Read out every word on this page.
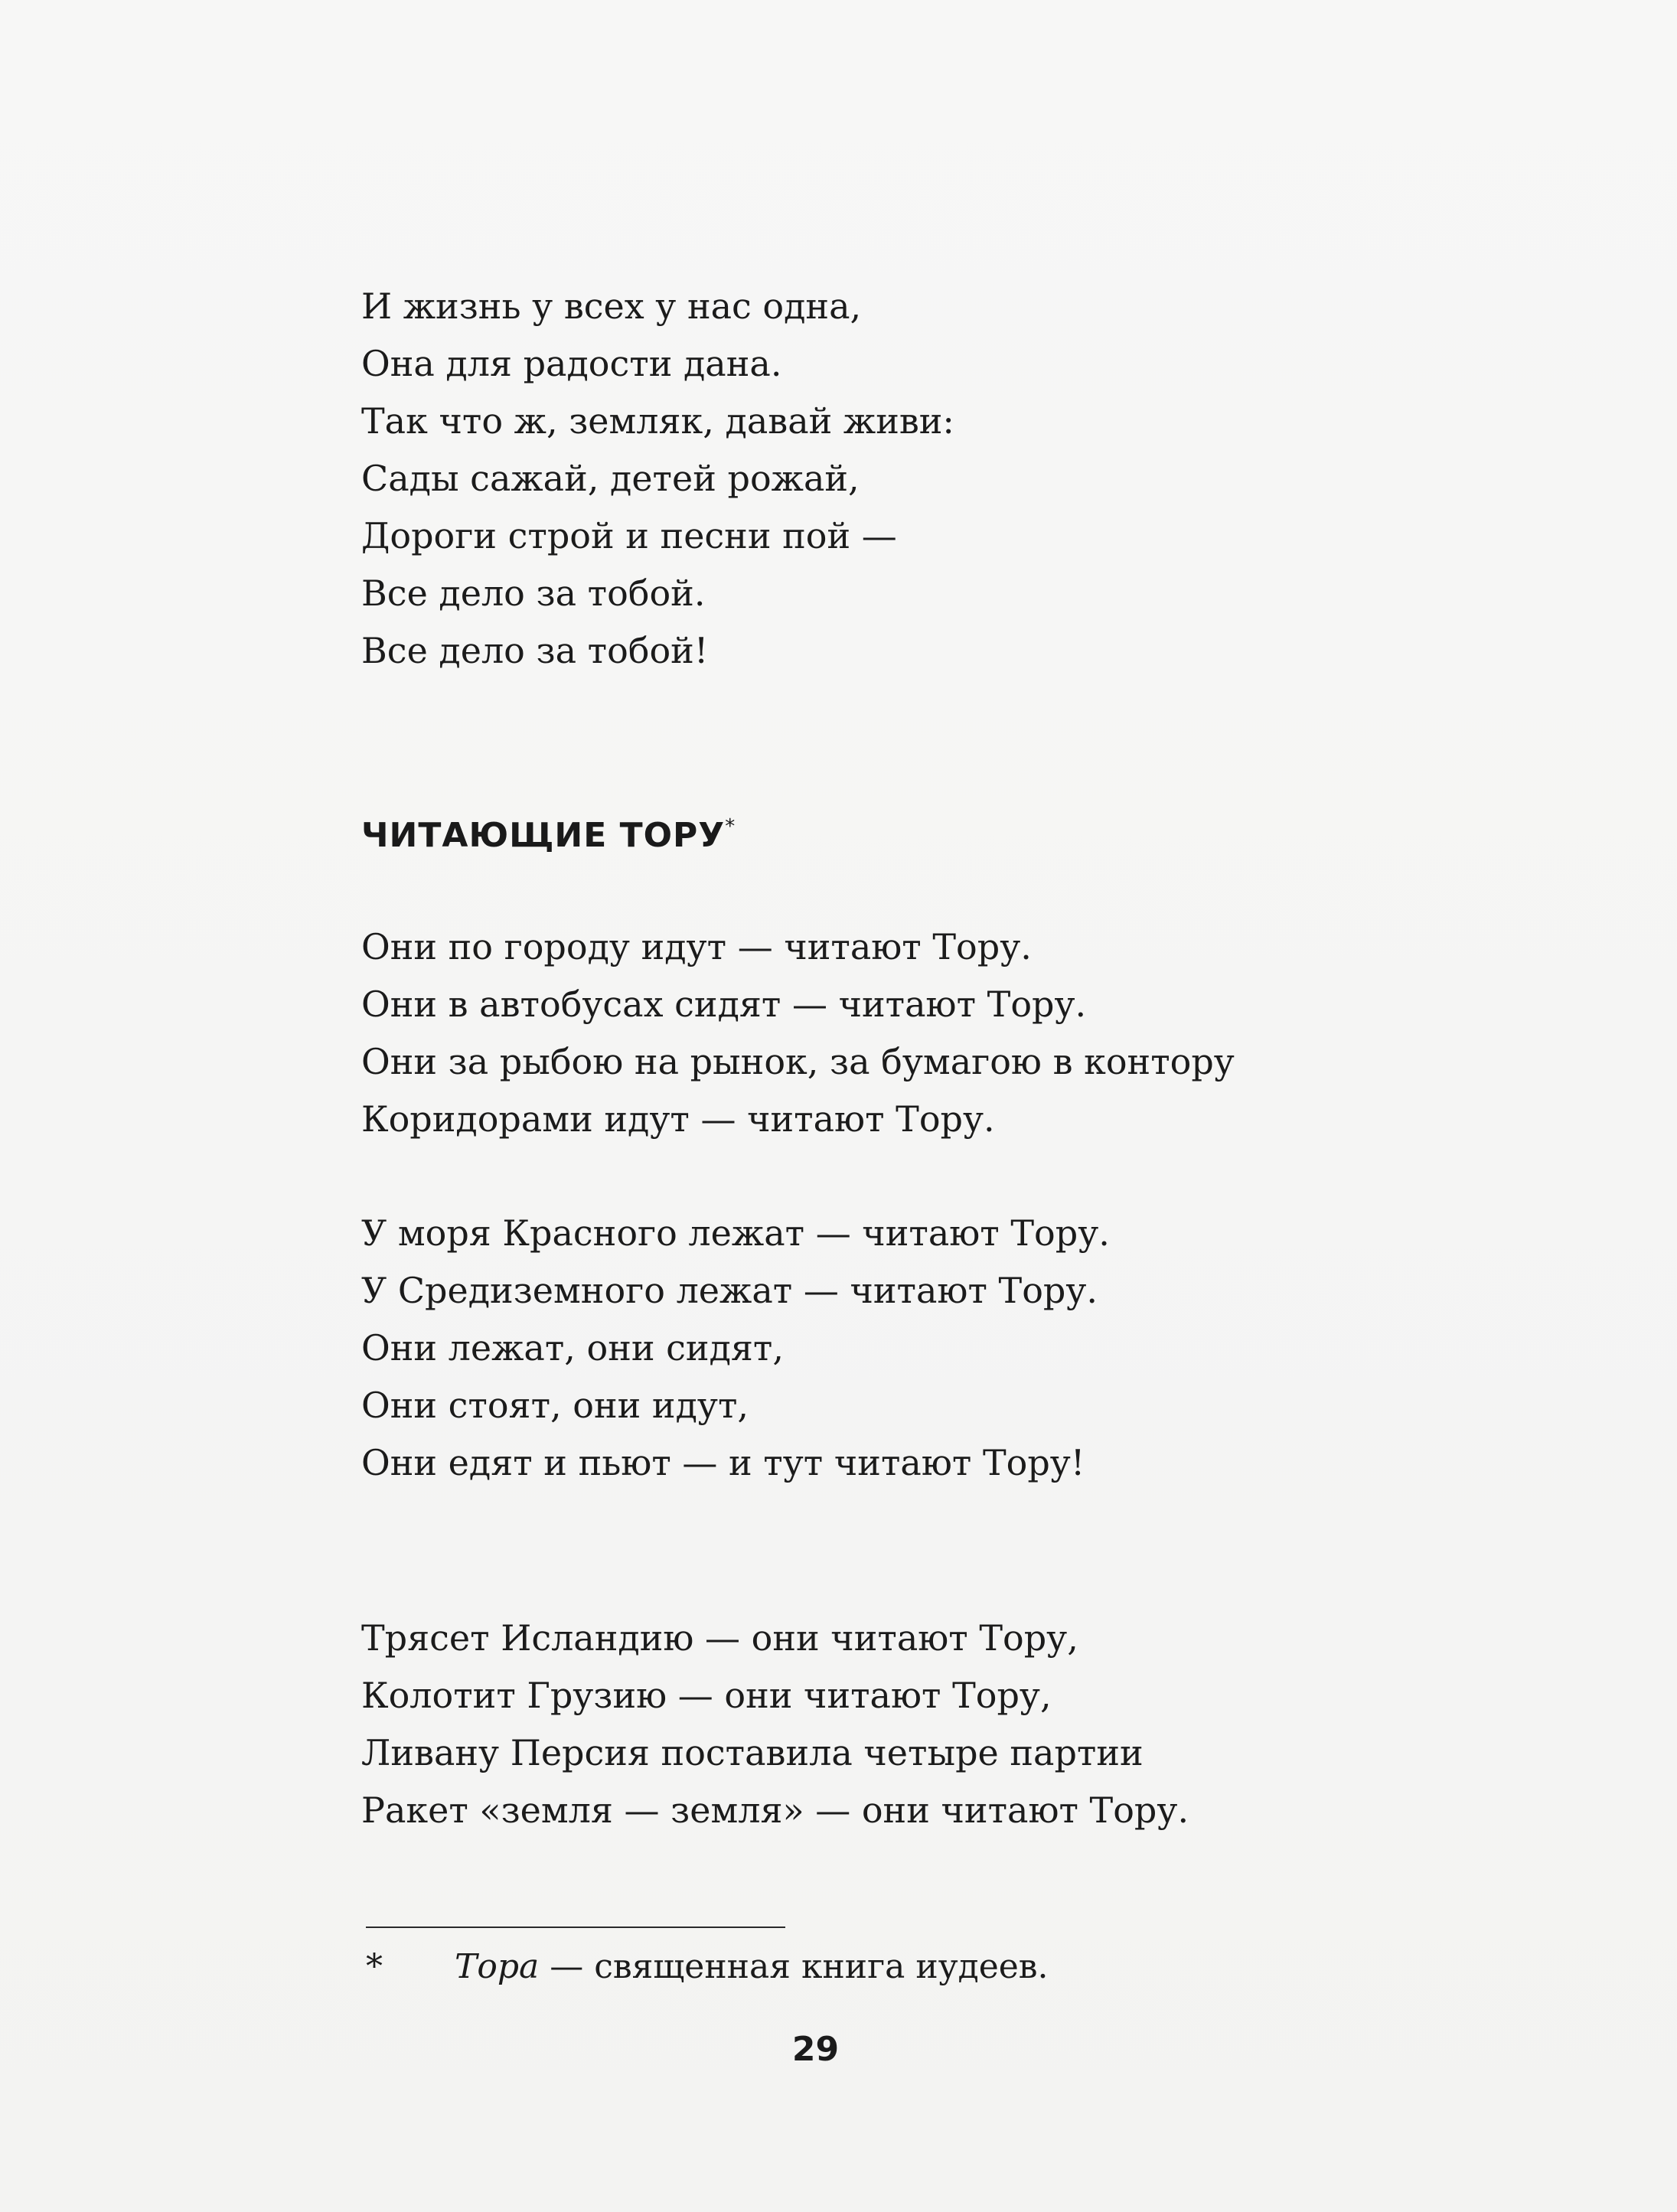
И жизнь у всех у нас одна,
Она для радости дана.
Так что ж, земляк, давай живи:
Сады сажай, детей рожай,
Дороги строй и песни пой —
Все дело за тобой.
Все дело за тобой!
ЧИТАЮЩИЕ ТОРУ*
Они по городу идут — читают Тору.
Они в автобусах сидят — читают Тору.
Они за рыбою на рынок, за бумагою в контору
Коридорами идут — читают Тору.
У моря Красного лежат — читают Тору.
У Средиземного лежат — читают Тору.
Они лежат, они сидят,
Они стоят, они идут,
Они едят и пьют — и тут читают Тору!
Трясет Исландию — они читают Тору,
Колотит Грузию — они читают Тору,
Ливану Персия поставила четыре партии
Ракет «земля — земля» — они читают Тору.
* Тора — священная книга иудеев.
29
